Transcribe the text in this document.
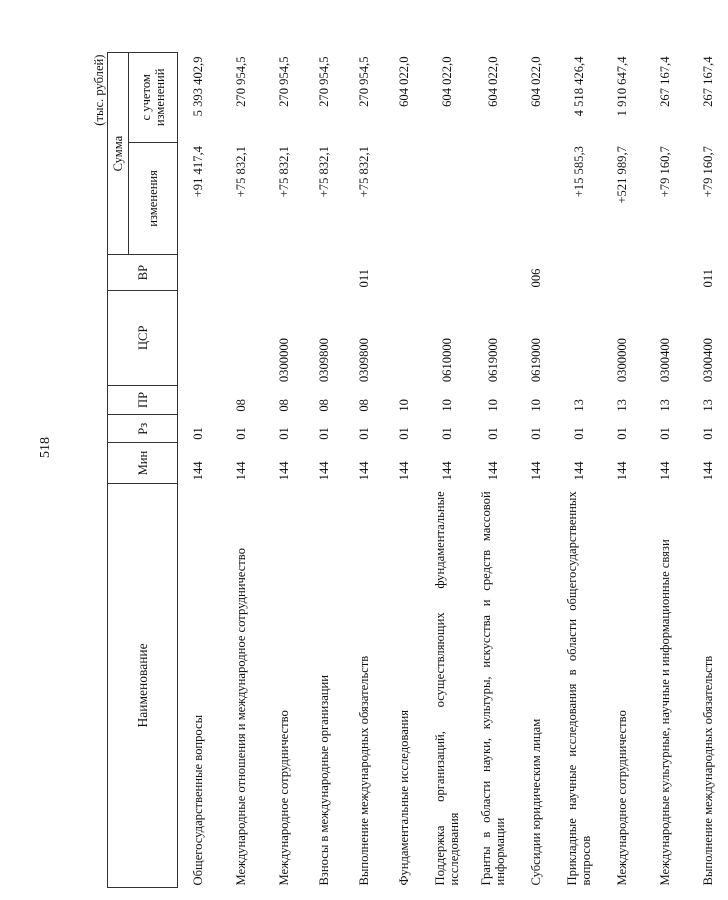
518
(тыс. рублей)							
Наименование	Мин	Рз	ПР	ЦСР	ВР	Сумма	
						изменения	с учетом изменений
Общегосударственные вопросы	144	01				+91 417,4	5 393 402,9
Международные отношения и международное сотрудничество	144	01	08			+75 832,1	270 954,5
Международное сотрудничество	144	01	08	0300000		+75 832,1	270 954,5
Взносы в международные организации	144	01	08	0309800		+75 832,1	270 954,5
Выполнение международных обязательств	144	01	08	0309800	011	+75 832,1	270 954,5
Фундаментальные исследования	144	01	10				604 022,0
Поддержка организаций, осуществляющих фундаментальные исследования	144	01	10	0610000			604 022,0
Гранты в области науки, культуры, искусства и средств массовой информации	144	01	10	0619000			604 022,0
Субсидии юридическим лицам	144	01	10	0619000	006		604 022,0
Прикладные научные исследования в области общегосударственных вопросов	144	01	13			+15 585,3	4 518 426,4
Международное сотрудничество	144	01	13	0300000		+521 989,7	1 910 647,4
Международные культурные, научные и информационные связи	144	01	13	0300400		+79 160,7	267 167,4
Выполнение международных обязательств	144	01	13	0300400	011	+79 160,7	267 167,4
